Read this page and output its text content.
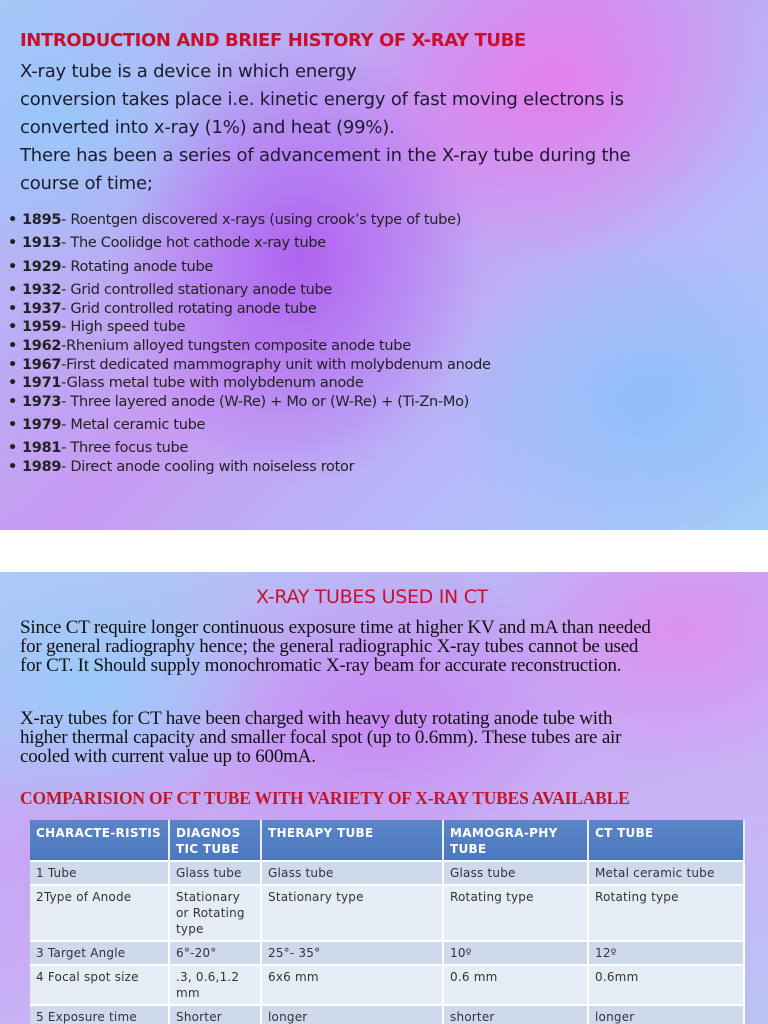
INTRODUCTION AND BRIEF HISTORY OF X-RAY TUBE
X-ray tube is a device in which energy
conversion takes place i.e. kinetic energy of fast moving electrons is
converted into x-ray (1%) and heat (99%).
There has been a series of advancement in the X-ray tube during the
course of time;
• 1895- Roentgen discovered x-rays (using crook’s type of tube)
• 1913- The Coolidge hot cathode x-ray tube
• 1929- Rotating anode tube
• 1932- Grid controlled stationary anode tube
• 1937- Grid controlled rotating anode tube
• 1959- High speed tube
• 1962-Rhenium alloyed tungsten composite anode tube
• 1967-First dedicated mammography unit with molybdenum anode
• 1971-Glass metal tube with molybdenum anode
• 1973- Three layered anode (W-Re) + Mo or (W-Re) + (Ti-Zn-Mo)
• 1979- Metal ceramic tube
• 1981- Three focus tube
• 1989- Direct anode cooling with noiseless rotor
X-RAY TUBES USED IN CT
Since CT require longer continuous exposure time at higher KV and mA than needed
for general radiography hence; the general radiographic X-ray tubes cannot be used
for CT. It Should supply monochromatic X-ray beam for accurate reconstruction.
X-ray tubes for CT have been charged with heavy duty rotating anode tube with
higher thermal capacity and smaller focal spot (up to 0.6mm). These tubes are air
cooled with current value up to 600mA.
COMPARISION OF CT TUBE WITH VARIETY OF X-RAY TUBES AVAILABLE
CHARACTE-RISTIS	DIAGNOS TIC TUBE	THERAPY TUBE	MAMOGRA-PHY TUBE	CT TUBE
1 Tube	Glass tube	Glass tube	Glass tube	Metal ceramic tube
2Type of Anode	Stationary or Rotating type	Stationary type	Rotating type	Rotating type
3 Target Angle	6°-20°	25°- 35°	10º	12º
4 Focal spot size	.3, 0.6,1.2 mm	6x6 mm	0.6 mm	0.6mm
5 Exposure time	Shorter	longer	shorter	longer
